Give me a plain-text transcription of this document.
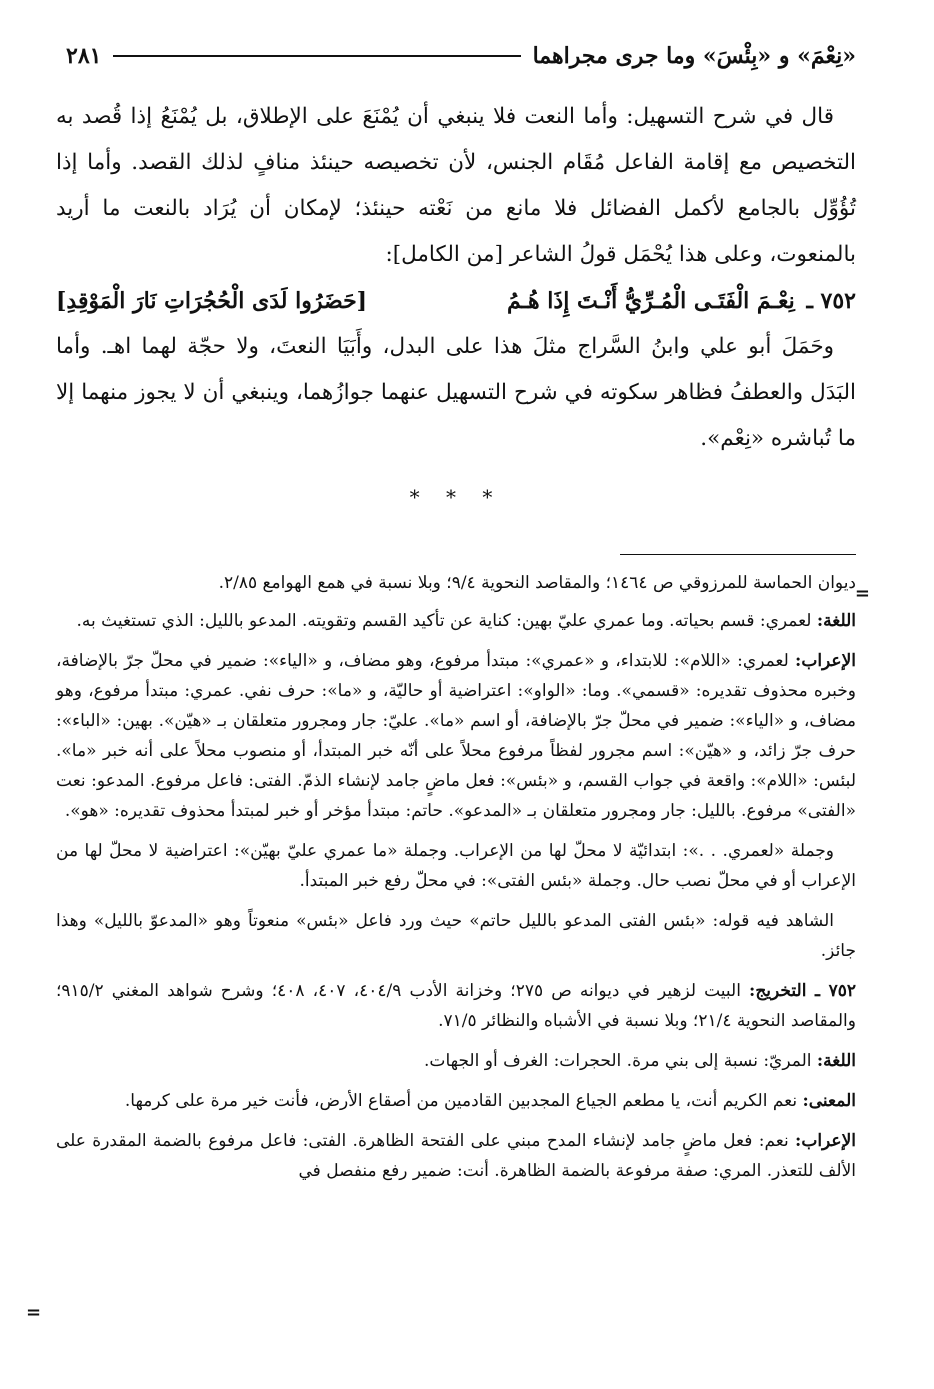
«نِعْمَ» و «بِئْسَ» وما جرى مجراهما
٢٨١

قال في شرح التسهيل: وأما النعت فلا ينبغي أن يُمْنَعَ على الإطلاق، بل يُمْنَعُ إذا قُصد به التخصيص مع إقامة الفاعل مُقَام الجنس، لأن تخصيصه حينئذ منافٍ لذلك القصد. وأما إذا تُؤُوِّل بالجامع لأكمل الفضائل فلا مانع من نَعْته حينئذ؛ لإمكان أن يُرَاد بالنعت ما أريد بالمنعوت، وعلى هذا يُحْمَل قولُ الشاعر [من الكامل]:

٧٥٢ ـ نِعْـمَ الْفَتَـى الْمُـرِّيُّ أَنْـتَ إِذَا هُـمُ
[حَضَرُوا لَدَى الْحُجُرَاتِ نَارَ الْمَوْقِدِ]

وحَمَلَ أبو علي وابنُ السَّراج مثلَ هذا على البدل، وأَبَيَا النعتَ، ولا حجّة لهما اهـ. وأما البَدَل والعطفُ فظاهر سكوته في شرح التسهيل عنهما جوازُهما، وينبغي أن لا يجوز منهما إلا ما تُباشره «نِعْم».

* * *
=
=

ديوان الحماسة للمرزوقي ص ١٤٦٤؛ والمقاصد النحوية ٩/٤؛ وبلا نسبة في همع الهوامع ٢/٨٥.

اللغة: لعمري: قسم بحياته. وما عمري عليّ بهين: كناية عن تأكيد القسم وتقويته. المدعو بالليل: الذي تستغيث به.

الإعراب: لعمري: «اللام»: للابتداء، و «عمري»: مبتدأ مرفوع، وهو مضاف، و «الياء»: ضمير في محلّ جرّ بالإضافة، وخبره محذوف تقديره: «قسمي». وما: «الواو»: اعتراضية أو حاليّة، و «ما»: حرف نفي. عمري: مبتدأ مرفوع، وهو مضاف، و «الياء»: ضمير في محلّ جرّ بالإضافة، أو اسم «ما». عليّ: جار ومجرور متعلقان بـ «هيّن». بهين: «الباء»: حرف جرّ زائد، و «هيّن»: اسم مجرور لفظاً مرفوع محلاً على أنّه خبر المبتدأ، أو منصوب محلاً على أنه خبر «ما». لبئس: «اللام»: واقعة في جواب القسم، و «بئس»: فعل ماضٍ جامد لإنشاء الذمّ. الفتى: فاعل مرفوع. المدعو: نعت «الفتى» مرفوع. بالليل: جار ومجرور متعلقان بـ «المدعو». حاتم: مبتدأ مؤخر أو خبر لمبتدأ محذوف تقديره: «هو».

وجملة «لعمري. . .»: ابتدائيّة لا محلّ لها من الإعراب. وجملة «ما عمري عليّ بهيّن»: اعتراضية لا محلّ لها من الإعراب أو في محلّ نصب حال. وجملة «بئس الفتى»: في محلّ رفع خبر المبتدأ.

الشاهد فيه قوله: «بئس الفتى المدعو بالليل حاتم» حيث ورد فاعل «بئس» منعوتاً وهو «المدعوّ بالليل» وهذا جائز.

٧٥٢ ـ التخريج: البيت لزهير في ديوانه ص ٢٧٥؛ وخزانة الأدب ٤٠٤/٩، ٤٠٧، ٤٠٨؛ وشرح شواهد المغني ٩١٥/٢؛ والمقاصد النحوية ٢١/٤؛ وبلا نسبة في الأشباه والنظائر ٧١/٥.

اللغة: المريّ: نسبة إلى بني مرة. الحجرات: الغرف أو الجهات.

المعنى: نعم الكريم أنت، يا مطعم الجياع المجدبين القادمين من أصقاع الأرض، فأنت خير مرة على كرمها.

الإعراب: نعم: فعل ماضٍ جامد لإنشاء المدح مبني على الفتحة الظاهرة. الفتى: فاعل مرفوع بالضمة المقدرة على الألف للتعذر. المري: صفة مرفوعة بالضمة الظاهرة. أنت: ضمير رفع منفصل في
